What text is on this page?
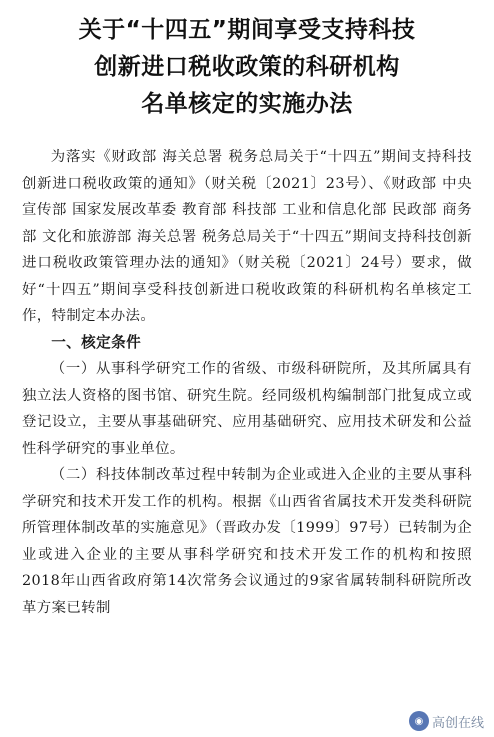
关于“十四五”期间享受支持科技
创新进口税收政策的科研机构
名单核定的实施办法

为落实《财政部 海关总署 税务总局关于“十四五”期间支持科技创新进口税收政策的通知》（财关税〔2021〕23号）、《财政部 中央宣传部 国家发展改革委 教育部 科技部 工业和信息化部 民政部 商务部 文化和旅游部 海关总署 税务总局关于“十四五”期间支持科技创新进口税收政策管理办法的通知》（财关税〔2021〕24号）要求，做好“十四五”期间享受科技创新进口税收政策的科研机构名单核定工作，特制定本办法。

一、核定条件

（一）从事科学研究工作的省级、市级科研院所，及其所属具有独立法人资格的图书馆、研究生院。经同级机构编制部门批复成立或登记设立，主要从事基础研究、应用基础研究、应用技术研发和公益性科学研究的事业单位。

（二）科技体制改革过程中转制为企业或进入企业的主要从事科学研究和技术开发工作的机构。根据《山西省省属技术开发类科研院所管理体制改革的实施意见》（晋政办发〔1999〕97号）已转制为企业或进入企业的主要从事科学研究和技术开发工作的机构和按照2018年山西省政府第14次常务会议通过的9家省属转制科研院所改革方案已转制

◉ 高创在线
